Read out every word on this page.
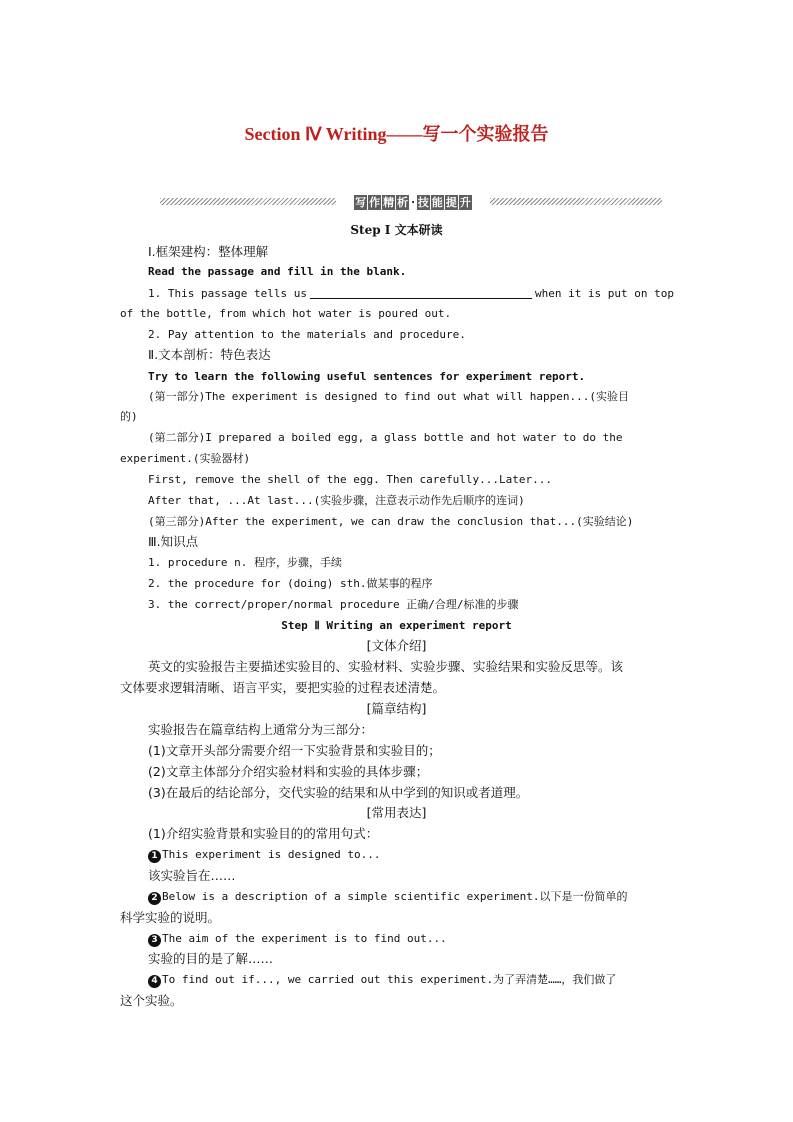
Section Ⅳ Writing——写一个实验报告
写 作 精 析 · 技 能 提 升
Step Ⅰ 文本研读
Ⅰ.框架建构：整体理解
Read the passage and fill in the blank.
1. This passage tells us	when it is put on top
of the bottle, from which hot water is poured out.
2. Pay attention to the materials and procedure.
Ⅱ.文本剖析：特色表达
Try to learn the following useful sentences for experiment report.
(第一部分)The experiment is designed to find out what will happen...(实验目
的)
(第二部分)I prepared a boiled egg, a glass bottle and hot water to do the
experiment.(实验器材)
First, remove the shell of the egg. Then carefully...Later...
After that, ...At last...(实验步骤，注意表示动作先后顺序的连词)
(第三部分)After the experiment, we can draw the conclusion that...(实验结论)
Ⅲ.知识点
1. procedure n. 程序，步骤，手续
2. the procedure for (doing) sth.做某事的程序
3. the correct/proper/normal procedure 正确/合理/标准的步骤
Step Ⅱ Writing an experiment report
[文体介绍]
英文的实验报告主要描述实验目的、实验材料、实验步骤、实验结果和实验反思等。该
文体要求逻辑清晰、语言平实，要把实验的过程表述清楚。
[篇章结构]
实验报告在篇章结构上通常分为三部分：
(1)文章开头部分需要介绍一下实验背景和实验目的；
(2)文章主体部分介绍实验材料和实验的具体步骤；
(3)在最后的结论部分，交代实验的结果和从中学到的知识或者道理。
[常用表达]
(1)介绍实验背景和实验目的的常用句式：
1 This experiment is designed to...
该实验旨在……
2 Below is a description of a simple scientific experiment.以下是一份简单的
科学实验的说明。
3 The aim of the experiment is to find out...
实验的目的是了解……
4 To find out if..., we carried out this experiment.为了弄清楚……，我们做了
这个实验。
